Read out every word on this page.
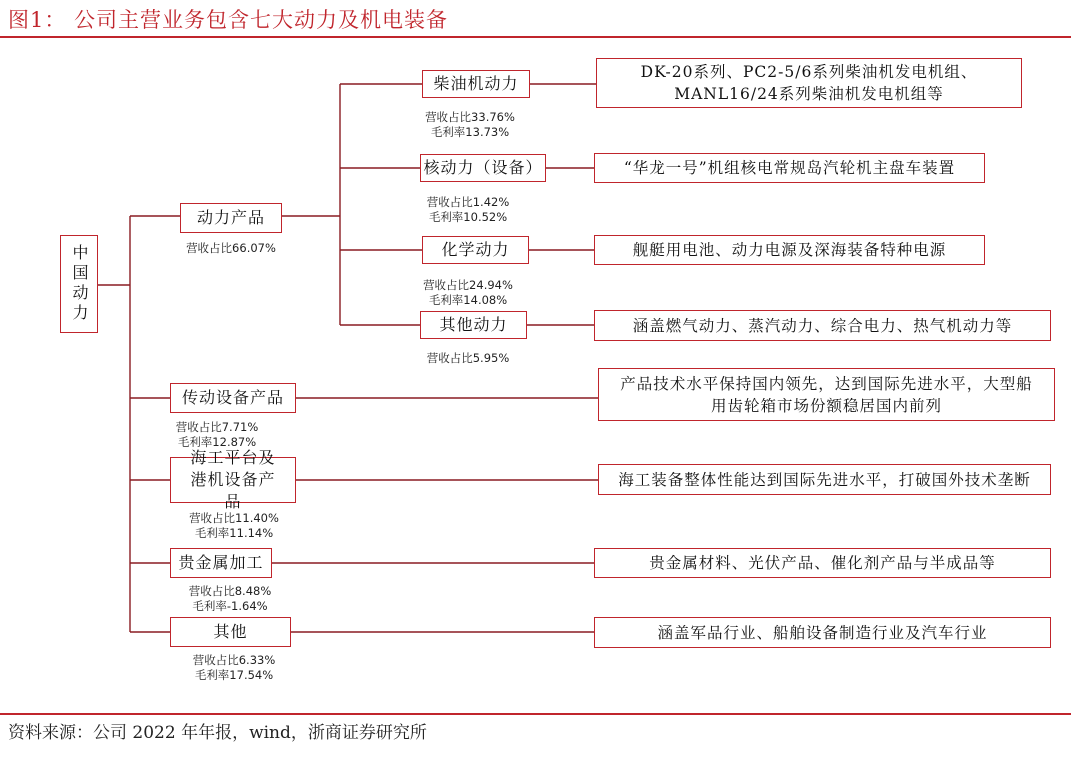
图1： 公司主营业务包含七大动力及机电装备
中国动力
动力产品
营收占比66.07%
传动设备产品
营收占比7.71%
毛利率12.87%
海工平台及港机设备产品
营收占比11.40%
毛利率11.14%
贵金属加工
营收占比8.48%
毛利率-1.64%
其他
营收占比6.33%
毛利率17.54%
柴油机动力
营收占比33.76%
毛利率13.73%
核动力（设备）
营收占比1.42%
毛利率10.52%
化学动力
营收占比24.94%
毛利率14.08%
其他动力
营收占比5.95%
DK-20系列、PC2-5/6系列柴油机发电机组、MANL16/24系列柴油机发电机组等
“华龙一号”机组核电常规岛汽轮机主盘车装置
舰艇用电池、动力电源及深海装备特种电源
涵盖燃气动力、蒸汽动力、综合电力、热气机动力等
产品技术水平保持国内领先，达到国际先进水平，大型船用齿轮箱市场份额稳居国内前列
海工装备整体性能达到国际先进水平，打破国外技术垄断
贵金属材料、光伏产品、催化剂产品与半成品等
涵盖军品行业、船舶设备制造行业及汽车行业
资料来源：公司 2022 年年报，wind，浙商证券研究所
